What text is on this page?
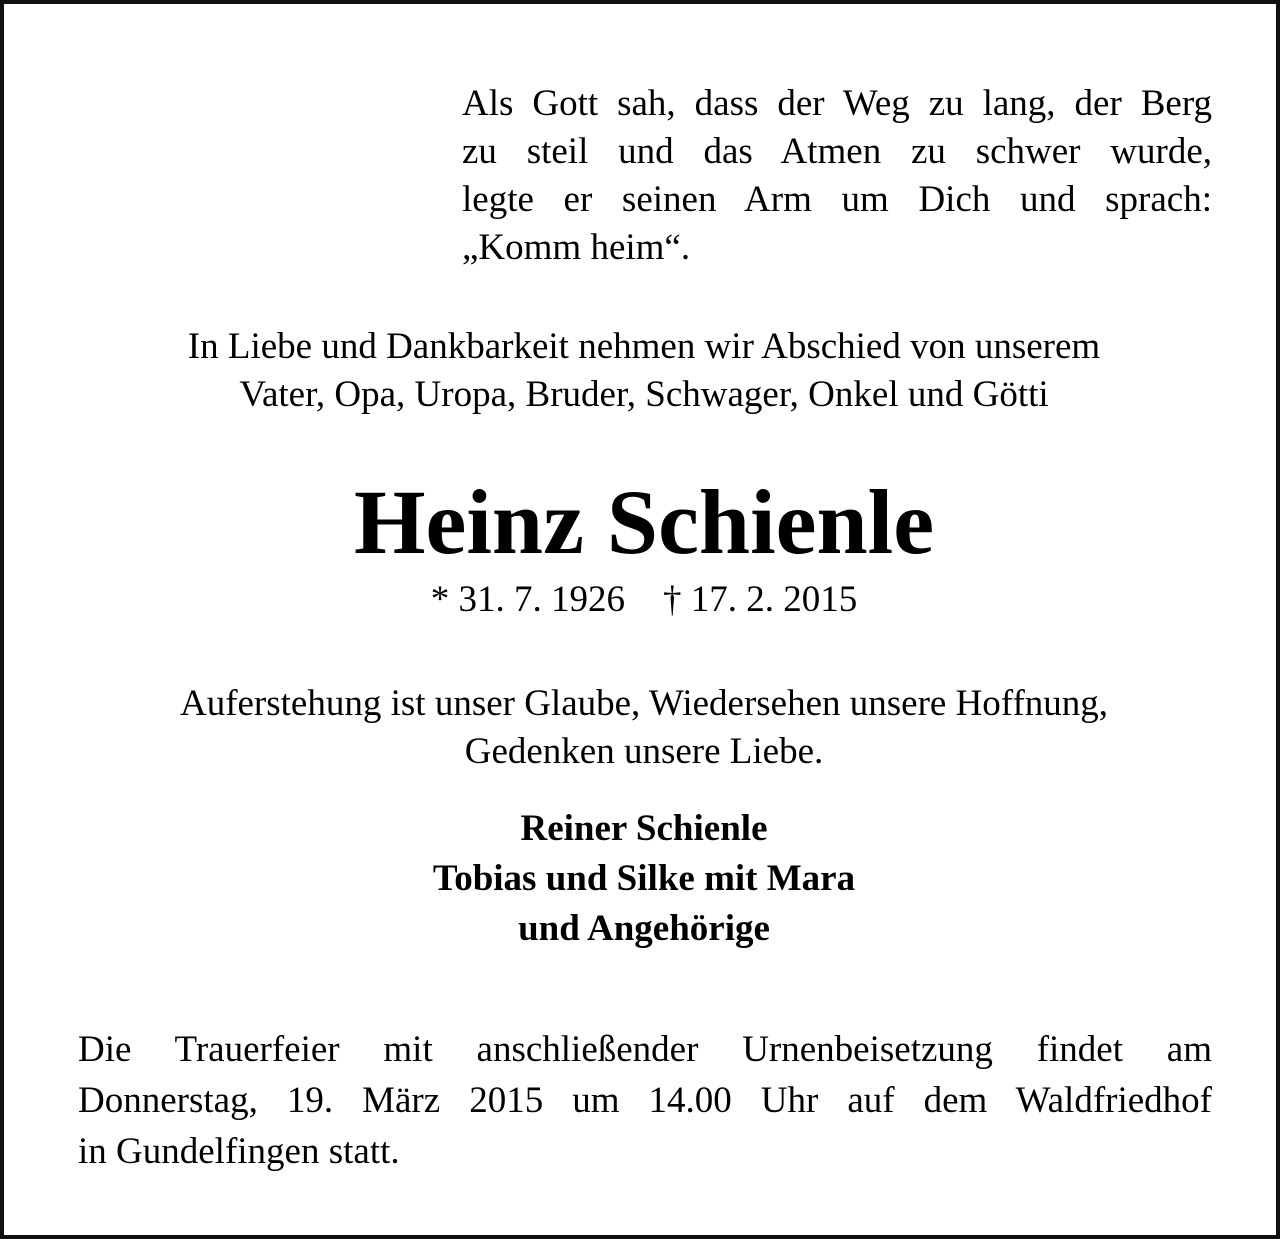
Als Gott sah, dass der Weg zu lang, der Berg
zu steil und das Atmen zu schwer wurde,
legte er seinen Arm um Dich und sprach:
„Komm heim“.
In Liebe und Dankbarkeit nehmen wir Abschied von unserem
Vater, Opa, Uropa, Bruder, Schwager, Onkel und Götti
Heinz Schienle
* 31. 7. 1926 † 17. 2. 2015
Auferstehung ist unser Glaube, Wiedersehen unsere Hoffnung,
Gedenken unsere Liebe.
Reiner Schienle
Tobias und Silke mit Mara
und Angehörige
Die Trauerfeier mit anschließender Urnenbeisetzung findet am
Donnerstag, 19. März 2015 um 14.00 Uhr auf dem Waldfriedhof
in Gundelfingen statt.
